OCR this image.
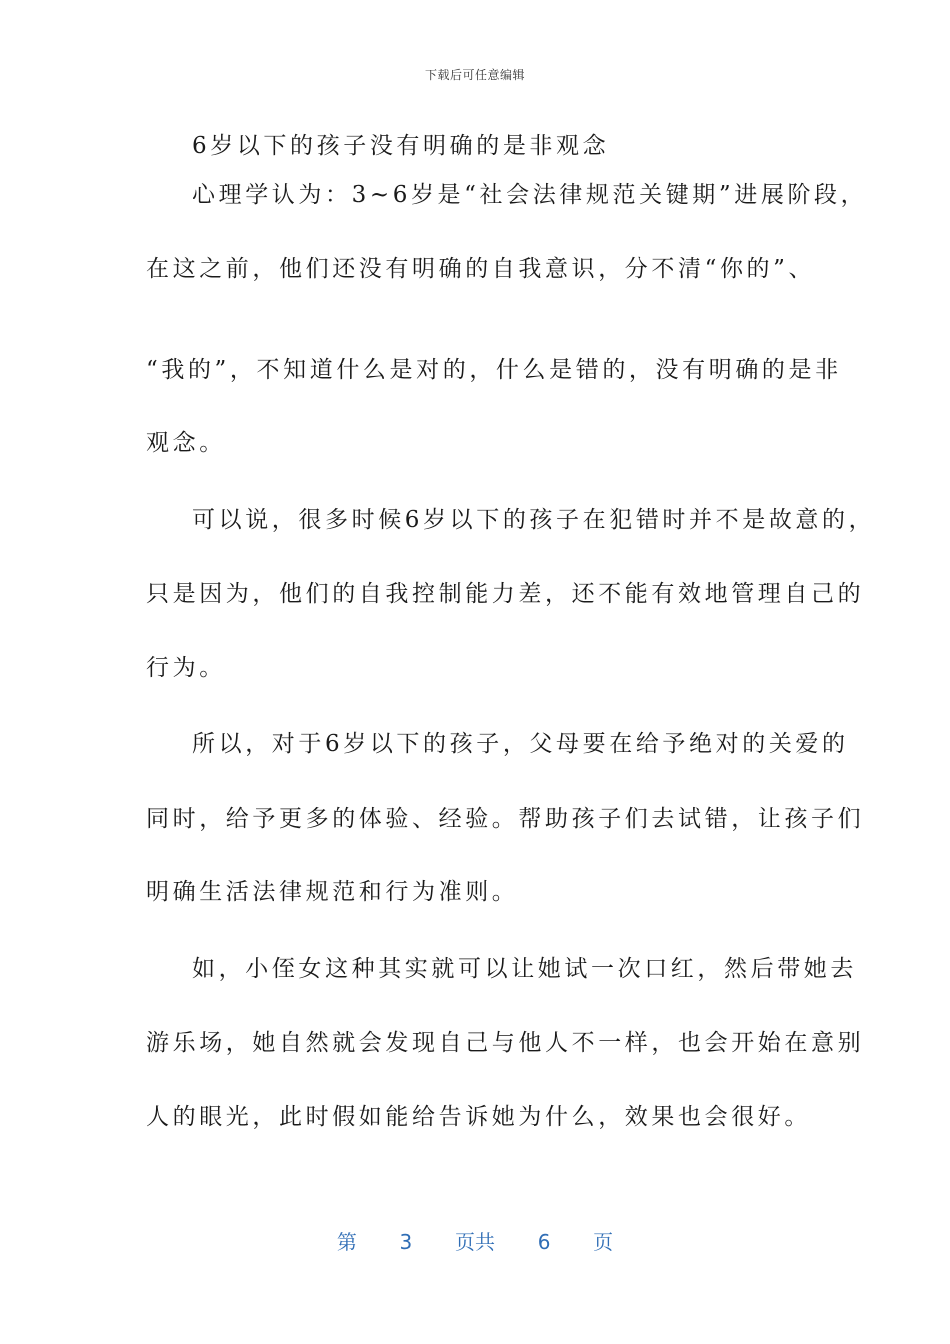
下载后可任意编辑
6岁以下的孩子没有明确的是非观念
心理学认为：3~6岁是“社会法律规范关键期”进展阶段，
在这之前，他们还没有明确的自我意识，分不清“你的”、
“我的”，不知道什么是对的，什么是错的，没有明确的是非
观念。
可以说，很多时候6岁以下的孩子在犯错时并不是故意的，
只是因为，他们的自我控制能力差，还不能有效地管理自己的
行为。
所以，对于6岁以下的孩子，父母要在给予绝对的关爱的
同时，给予更多的体验、经验。帮助孩子们去试错，让孩子们
明确生活法律规范和行为准则。
如，小侄女这种其实就可以让她试一次口红，然后带她去
游乐场，她自然就会发现自己与他人不一样，也会开始在意别
人的眼光，此时假如能给告诉她为什么，效果也会很好。
第 3 页共 6 页
